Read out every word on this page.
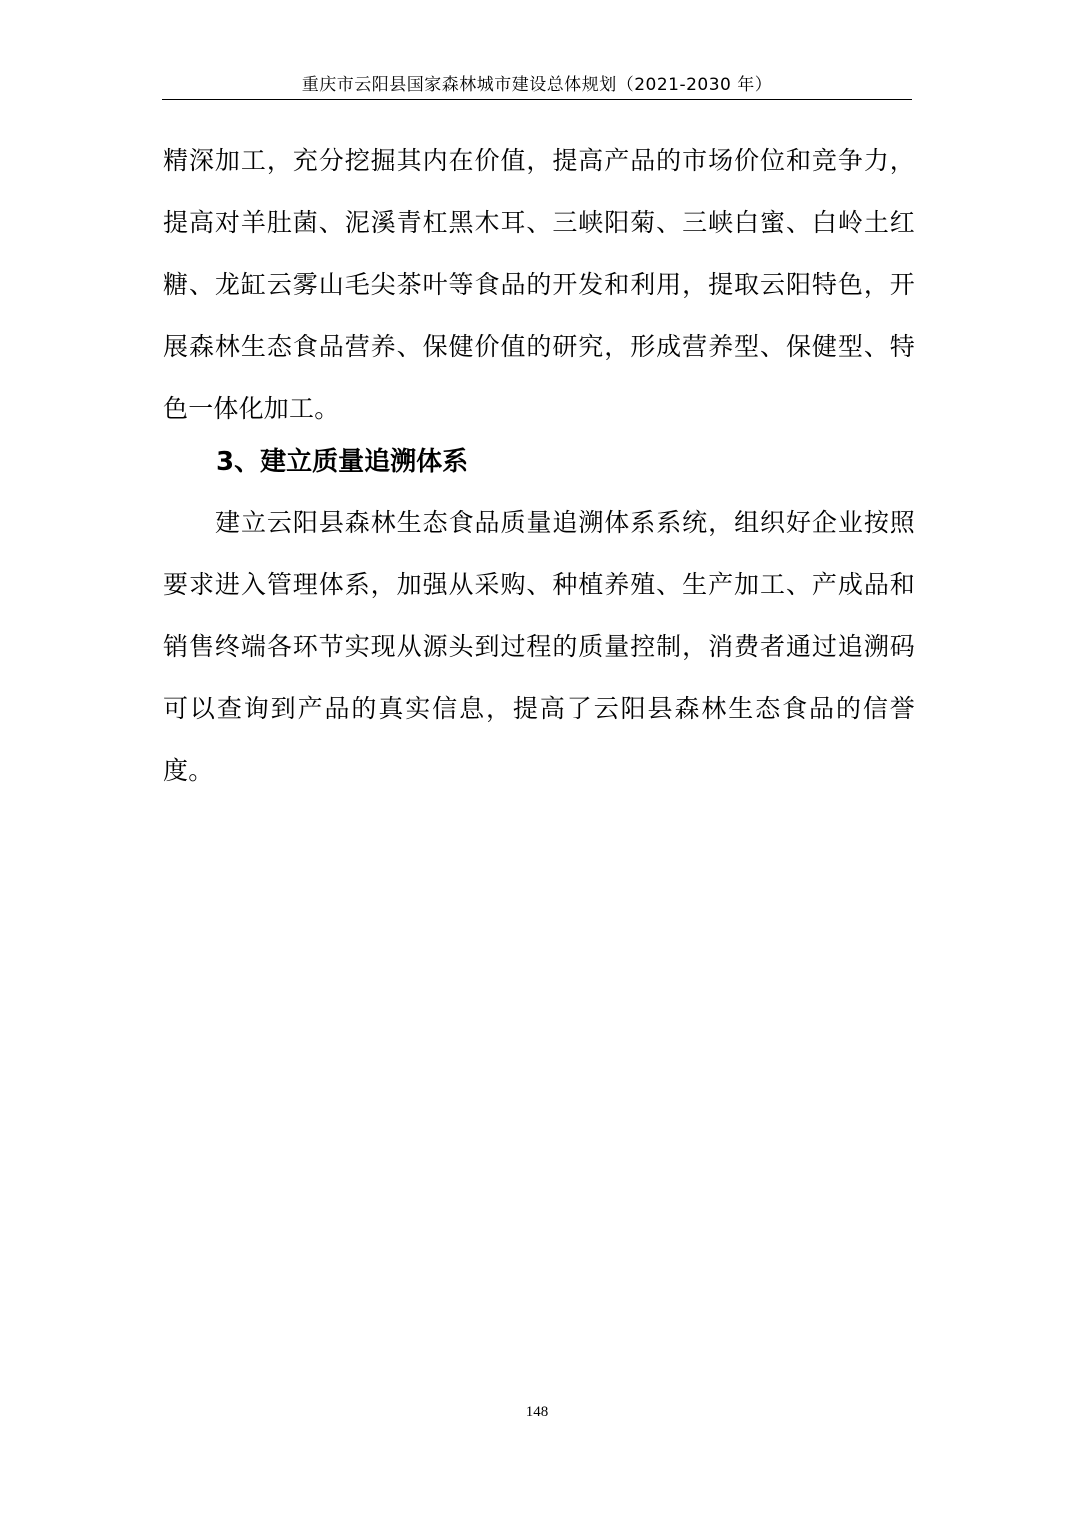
重庆市云阳县国家森林城市建设总体规划（2021-2030 年）

精深加工，充分挖掘其内在价值，提高产品的市场价位和竞争力，提高对羊肚菌、泥溪青杠黑木耳、三峡阳菊、三峡白蜜、白岭土红糖、龙缸云雾山毛尖茶叶等食品的开发和利用，提取云阳特色，开展森林生态食品营养、保健价值的研究，形成营养型、保健型、特色一体化加工。

3、建立质量追溯体系

建立云阳县森林生态食品质量追溯体系系统，组织好企业按照要求进入管理体系，加强从采购、种植养殖、生产加工、产成品和销售终端各环节实现从源头到过程的质量控制，消费者通过追溯码可以查询到产品的真实信息，提高了云阳县森林生态食品的信誉度。

148
